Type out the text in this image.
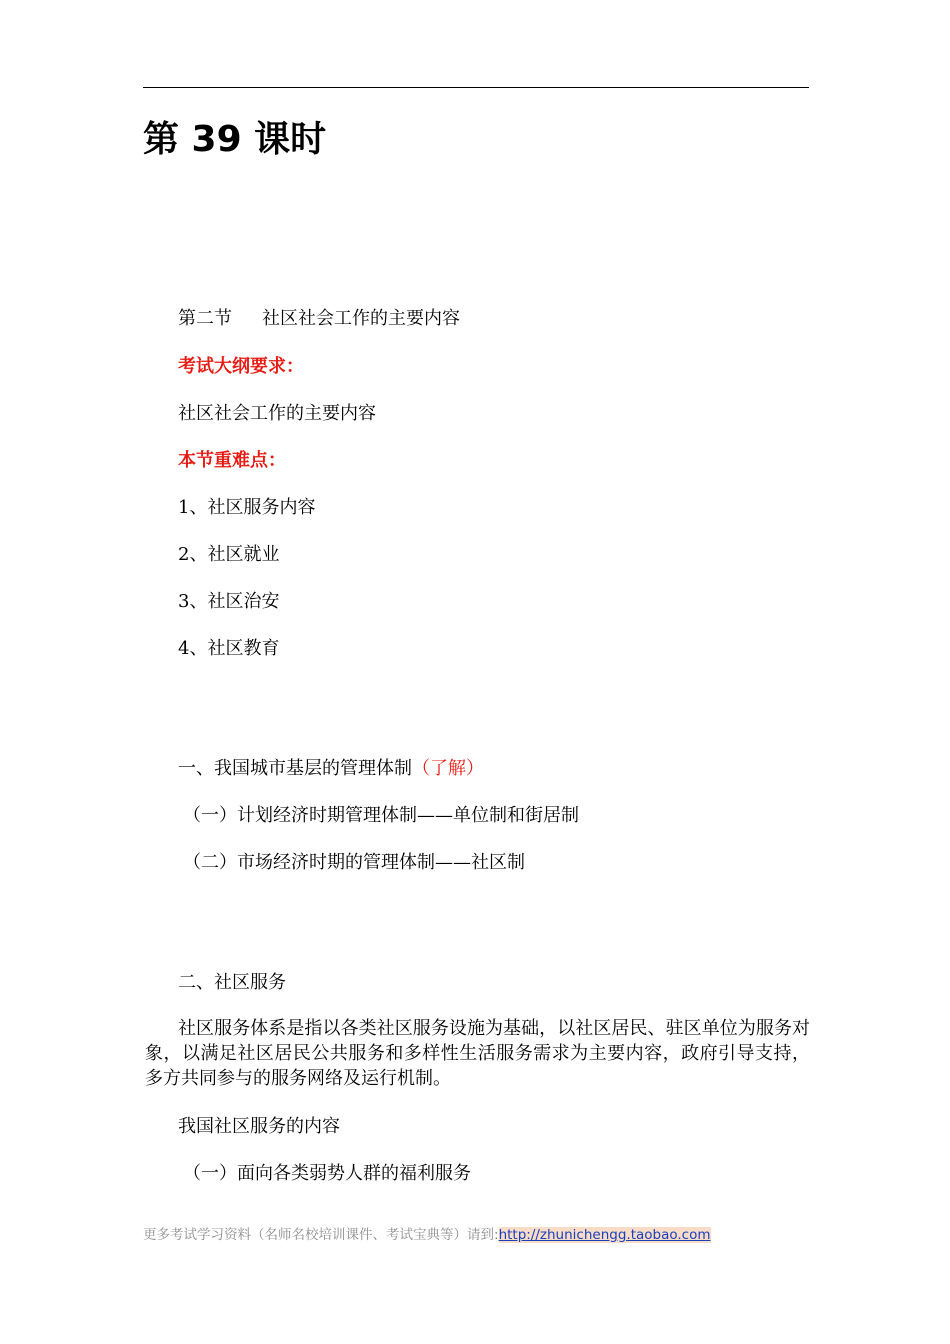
第 39 课时
第二节 社区社会工作的主要内容
考试大纲要求：
社区社会工作的主要内容
本节重难点：
1、社区服务内容
2、社区就业
3、社区治安
4、社区教育
一、我国城市基层的管理体制（了解）
（一）计划经济时期管理体制——单位制和街居制
（二）市场经济时期的管理体制——社区制
二、社区服务
社区服务体系是指以各类社区服务设施为基础，以社区居民、驻区单位为服务对象，以满足社区居民公共服务和多样性生活服务需求为主要内容，政府引导支持，多方共同参与的服务网络及运行机制。
我国社区服务的内容
（一）面向各类弱势人群的福利服务
更多考试学习资料（名师名校培训课件、考试宝典等）请到:http://zhunichengg.taobao.com
